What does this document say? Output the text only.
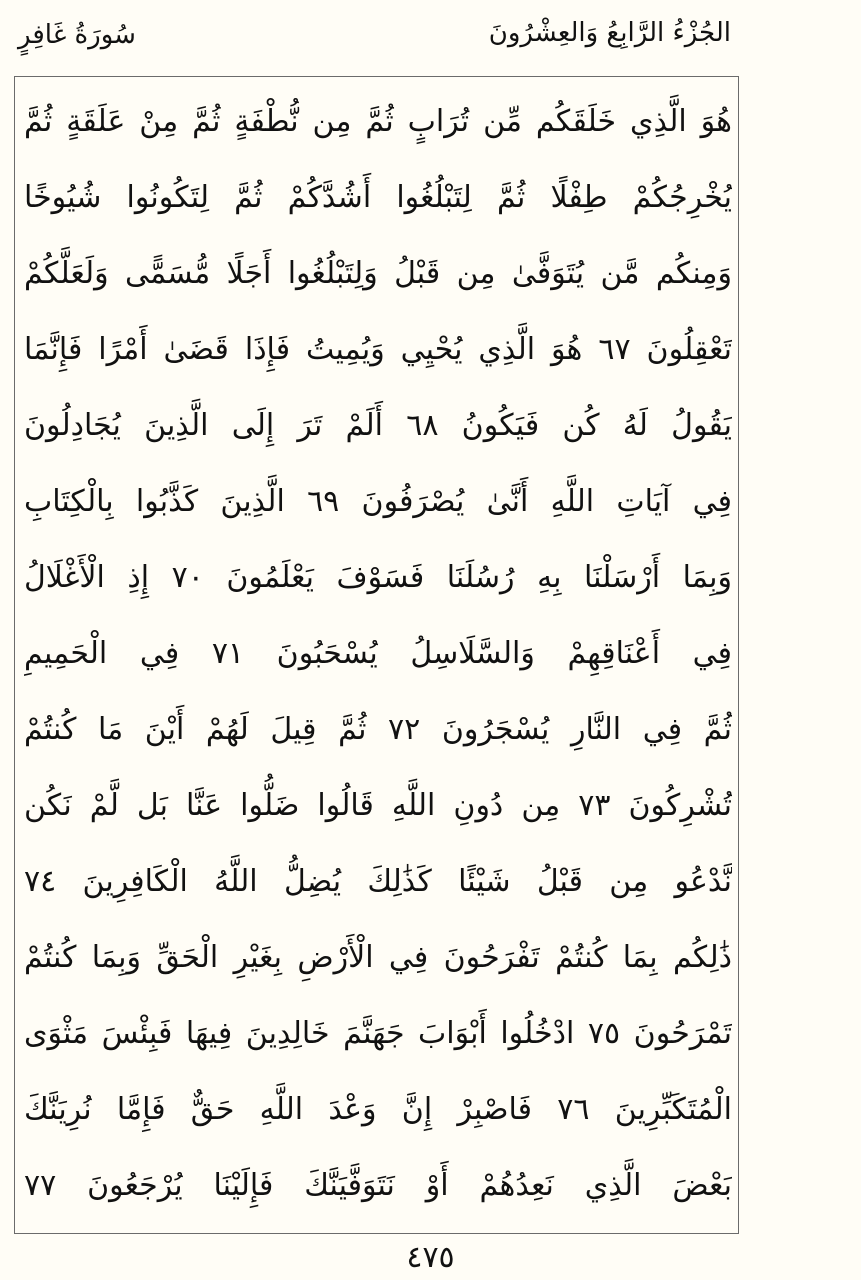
سُورَةُ غَافِرٍ	الجُزْءُ الرَّابِعُ وَالعِشْرُونَ
هُوَ الَّذِي خَلَقَكُم مِّن تُرَابٍ ثُمَّ مِن نُّطْفَةٍ ثُمَّ مِنْ عَلَقَةٍ ثُمَّ
يُخْرِجُكُمْ طِفْلًا ثُمَّ لِتَبْلُغُوا أَشُدَّكُمْ ثُمَّ لِتَكُونُوا شُيُوخًا
وَمِنكُم مَّن يُتَوَفَّىٰ مِن قَبْلُ وَلِتَبْلُغُوا أَجَلًا مُّسَمًّى وَلَعَلَّكُمْ
تَعْقِلُونَ ٦٧ هُوَ الَّذِي يُحْيِي وَيُمِيتُ فَإِذَا قَضَىٰ أَمْرًا فَإِنَّمَا
يَقُولُ لَهُ كُن فَيَكُونُ ٦٨ أَلَمْ تَرَ إِلَى الَّذِينَ يُجَادِلُونَ
فِي آيَاتِ اللَّهِ أَنَّىٰ يُصْرَفُونَ ٦٩ الَّذِينَ كَذَّبُوا بِالْكِتَابِ
وَبِمَا أَرْسَلْنَا بِهِ رُسُلَنَا فَسَوْفَ يَعْلَمُونَ ٧٠ إِذِ الْأَغْلَالُ
فِي أَعْنَاقِهِمْ وَالسَّلَاسِلُ يُسْحَبُونَ ٧١ فِي الْحَمِيمِ
ثُمَّ فِي النَّارِ يُسْجَرُونَ ٧٢ ثُمَّ قِيلَ لَهُمْ أَيْنَ مَا كُنتُمْ
تُشْرِكُونَ ٧٣ مِن دُونِ اللَّهِ قَالُوا ضَلُّوا عَنَّا بَل لَّمْ نَكُن
نَّدْعُو مِن قَبْلُ شَيْئًا كَذَٰلِكَ يُضِلُّ اللَّهُ الْكَافِرِينَ ٧٤
ذَٰلِكُم بِمَا كُنتُمْ تَفْرَحُونَ فِي الْأَرْضِ بِغَيْرِ الْحَقِّ وَبِمَا كُنتُمْ
تَمْرَحُونَ ٧٥ ادْخُلُوا أَبْوَابَ جَهَنَّمَ خَالِدِينَ فِيهَا فَبِئْسَ مَثْوَى
الْمُتَكَبِّرِينَ ٧٦ فَاصْبِرْ إِنَّ وَعْدَ اللَّهِ حَقٌّ فَإِمَّا نُرِيَنَّكَ
بَعْضَ الَّذِي نَعِدُهُمْ أَوْ نَتَوَفَّيَنَّكَ فَإِلَيْنَا يُرْجَعُونَ ٧٧
٤٧٥
